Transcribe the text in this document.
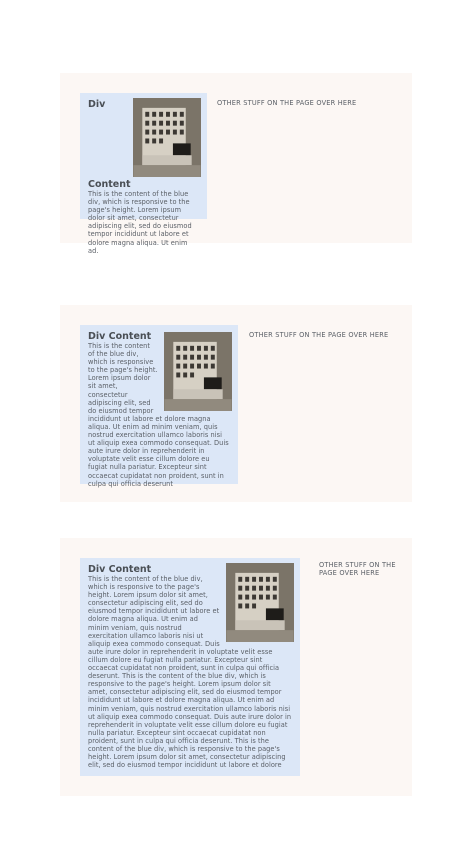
Div Content

This is the content of the blue div, which is responsive to the page's height. Lorem ipsum dolor sit amet, consectetur adipiscing elit, sed do eiusmod tempor incididunt ut labore et dolore magna aliqua. Ut enim ad.

OTHER STUFF ON THE PAGE OVER HERE
Div Content

This is the content of the blue div, which is responsive to the page's height. Lorem ipsum dolor sit amet, consectetur adipiscing elit, sed do eiusmod tempor incididunt ut labore et dolore magna aliqua. Ut enim ad minim veniam, quis nostrud exercitation ullamco laboris nisi ut aliquip exea commodo consequat. Duis aute irure dolor in reprehenderit in voluptate velit esse cillum dolore eu fugiat nulla pariatur. Excepteur sint occaecat cupidatat non proident, sunt in culpa qui officia deserunt

OTHER STUFF ON THE PAGE OVER HERE
Div Content

This is the content of the blue div, which is responsive to the page's height. Lorem ipsum dolor sit amet, consectetur adipiscing elit, sed do eiusmod tempor incididunt ut labore et dolore magna aliqua. Ut enim ad minim veniam, quis nostrud exercitation ullamco laboris nisi ut aliquip exea commodo consequat. Duis aute irure dolor in reprehenderit in voluptate velit esse cillum dolore eu fugiat nulla pariatur. Excepteur sint occaecat cupidatat non proident, sunt in culpa qui officia deserunt. This is the content of the blue div, which is responsive to the page's height. Lorem ipsum dolor sit amet, consectetur adipiscing elit, sed do eiusmod tempor incididunt ut labore et dolore magna aliqua. Ut enim ad minim veniam, quis nostrud exercitation ullamco laboris nisi ut aliquip exea commodo consequat. Duis aute irure dolor in reprehenderit in voluptate velit esse cillum dolore eu fugiat nulla pariatur. Excepteur sint occaecat cupidatat non proident, sunt in culpa qui officia deserunt. This is the content of the blue div, which is responsive to the page's height. Lorem ipsum dolor sit amet, consectetur adipiscing elit, sed do eiusmod tempor incididunt ut labore et dolore

OTHER STUFF ON THE PAGE OVER HERE
